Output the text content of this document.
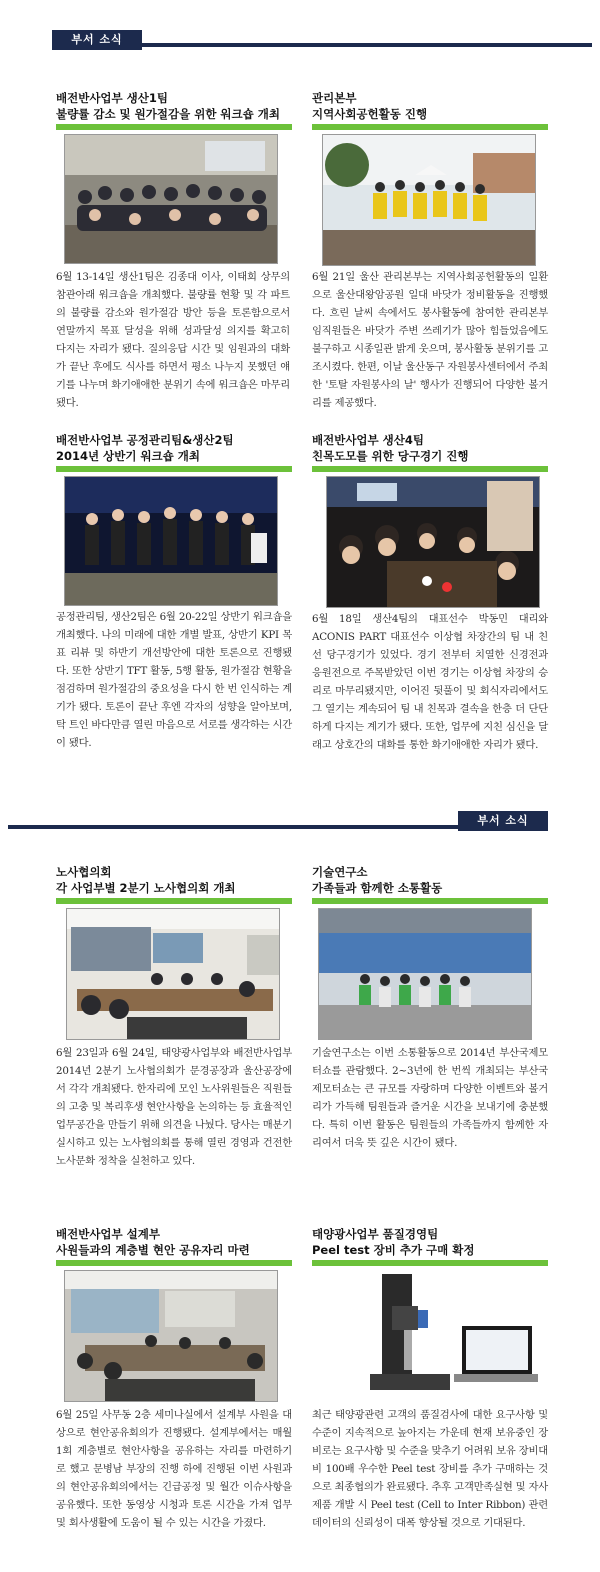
부서 소식
부서 소식
배전반사업부 생산1팀
불량률 감소 및 원가절감을 위한 워크숍 개최
6월 13-14일 생산1팀은 김종대 이사, 이태희 상무의 참관아래 워크숍을 개최했다. 불량률 현황 및 각 파트의 불량률 감소와 원가절감 방안 등을 토론함으로서 연말까지 목표 달성을 위해 성과달성 의지를 확고히 다지는 자리가 됐다. 질의응답 시간 및 임원과의 대화가 끝난 후에도 식사를 하면서 평소 나누지 못했던 얘기를 나누며 화기애애한 분위기 속에 워크숍은 마무리됐다.
관리본부
지역사회공헌활동 진행
6월 21일 울산 관리본부는 지역사회공헌활동의 일환으로 울산대왕암공원 일대 바닷가 정비활동을 진행했다. 흐린 날씨 속에서도 봉사활동에 참여한 관리본부 임직원들은 바닷가 주변 쓰레기가 많아 힘들었음에도 불구하고 시종일관 밝게 웃으며, 봉사활동 분위기를 고조시켰다. 한편, 이날 울산동구 자원봉사센터에서 주최한 '토탈 자원봉사의 날' 행사가 진행되어 다양한 볼거리를 제공했다.
배전반사업부 공정관리팀&생산2팀
2014년 상반기 워크숍 개최
공정관리팀, 생산2팀은 6월 20-22일 상반기 워크숍을 개최했다. 나의 미래에 대한 개별 발표, 상반기 KPI 목표 리뷰 및 하반기 개선방안에 대한 토론으로 진행됐다. 또한 상반기 TFT 활동, 5행 활동, 원가절감 현황을 점검하며 원가절감의 중요성을 다시 한 번 인식하는 계기가 됐다. 토론이 끝난 후엔 각자의 성향을 알아보며, 탁 트인 바다만큼 열린 마음으로 서로를 생각하는 시간이 됐다.
배전반사업부 생산4팀
친목도모를 위한 당구경기 진행
6월 18일 생산4팀의 대표선수 박동민 대리와 ACONIS PART 대표선수 이상협 차장간의 팀 내 친선 당구경기가 있었다. 경기 전부터 치열한 신경전과 응원전으로 주목받았던 이번 경기는 이상협 차장의 승리로 마무리됐지만, 이어진 뒷풀이 및 회식자리에서도 그 열기는 계속되어 팀 내 친목과 결속을 한층 더 단단하게 다지는 계기가 됐다. 또한, 업무에 지친 심신을 달래고 상호간의 대화를 통한 화기애애한 자리가 됐다.
노사협의회
각 사업부별 2분기 노사협의회 개최
6월 23일과 6월 24일, 태양광사업부와 배전반사업부 2014년 2분기 노사협의회가 문경공장과 울산공장에서 각각 개최됐다. 한자리에 모인 노사위원들은 직원들의 고충 및 복리후생 현안사항을 논의하는 등 효율적인 업무공간을 만들기 위해 의견을 나눴다. 당사는 매분기 실시하고 있는 노사협의회를 통해 열린 경영과 건전한 노사문화 정착을 실천하고 있다.
기술연구소
가족들과 함께한 소통활동
기술연구소는 이번 소통활동으로 2014년 부산국제모터쇼를 관람했다. 2~3년에 한 번씩 개최되는 부산국제모터쇼는 큰 규모를 자랑하며 다양한 이벤트와 볼거리가 가득해 팀원들과 즐거운 시간을 보내기에 충분했다. 특히 이번 활동은 팀원들의 가족들까지 함께한 자리여서 더욱 뜻 깊은 시간이 됐다.
배전반사업부 설계부
사원들과의 계층별 현안 공유자리 마련
6월 25일 사무동 2층 세미나실에서 설계부 사원을 대상으로 현안공유회의가 진행됐다. 설계부에서는 매월 1회 계층별로 현안사항을 공유하는 자리를 마련하기로 했고 문병남 부장의 진행 하에 진행된 이번 사원과의 현안공유회의에서는 긴급공정 및 월간 이슈사항을 공유했다. 또한 동영상 시청과 토론 시간을 가져 업무 및 회사생활에 도움이 될 수 있는 시간을 가졌다.
태양광사업부 품질경영팀
Peel test 장비 추가 구매 확정
최근 태양광관련 고객의 품질검사에 대한 요구사항 및 수준이 지속적으로 높아지는 가운데 현재 보유중인 장비로는 요구사항 및 수준을 맞추기 어려워 보유 장비대비 100배 우수한 Peel test 장비를 추가 구매하는 것으로 최종협의가 완료됐다. 추후 고객만족실현 및 자사제품 개발 시 Peel test (Cell to Inter Ribbon) 관련 데이터의 신뢰성이 대폭 향상될 것으로 기대된다.
